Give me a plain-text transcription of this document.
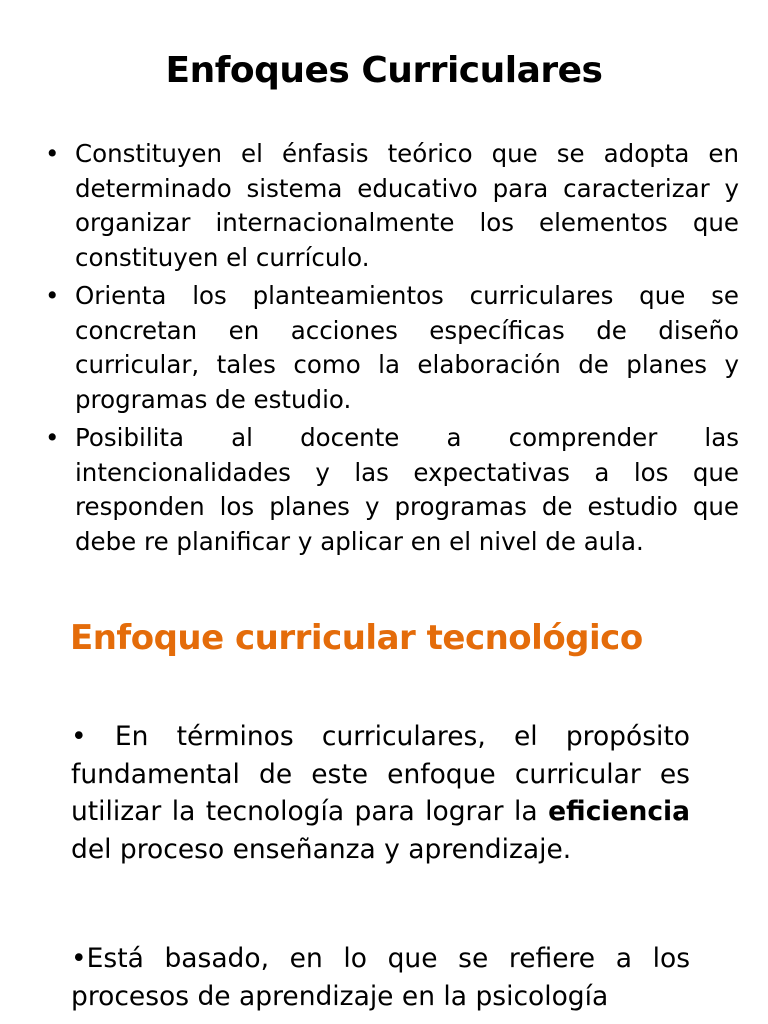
Enfoques Curriculares
• Constituyen el énfasis teórico que se adopta en determinado sistema educativo para caracterizar y organizar internacionalmente los elementos que constituyen el currículo.
• Orienta los planteamientos curriculares que se concretan en acciones específicas de diseño curricular, tales como la elaboración de planes y programas de estudio.
• Posibilita al docente a comprender las intencionalidades y las expectativas a los que responden los planes y programas de estudio que debe re planificar y aplicar en el nivel de aula.
Enfoque curricular tecnológico

• En términos curriculares, el propósito fundamental de este enfoque curricular es utilizar la tecnología para lograr la eficiencia del proceso enseñanza y aprendizaje.

•Está basado, en lo que se refiere a los procesos de aprendizaje en la psicología
